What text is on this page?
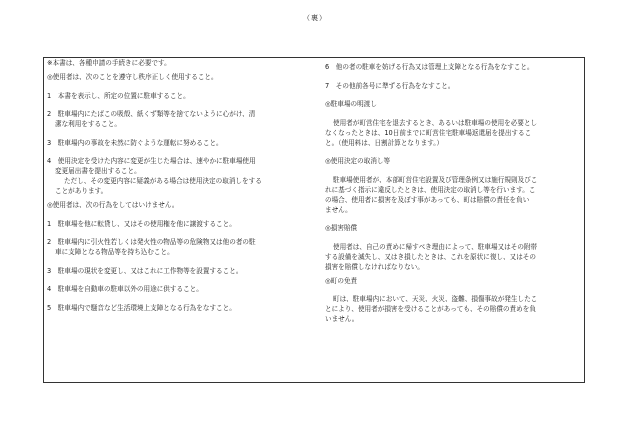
（裏）

※本書は、各種申請の手続きに必要です。

◎使用者は、次のことを遵守し秩序正しく使用すること。

1　本書を表示し、所定の位置に駐車すること。

2　駐車場内にたばこの吸殻、紙くず類等を捨てないように心がけ、清

潔な利用をすること。

3　駐車場内の事故を未然に防ぐような運転に努めること。

4　使用決定を受けた内容に変更が生じた場合は、速やかに駐車場使用

変更届出書を提出すること。

ただし、その変更内容に疑義がある場合は使用決定の取消しをする

ことがあります。

◎使用者は、次の行為をしてはいけません。

1　駐車場を他に転貸し、又はその使用権を他に譲渡すること。

2　駐車場内に引火性若しくは発火性の物品等の危険物又は他の者の駐

車に支障となる物品等を持ち込むこと。

3　駐車場の現状を変更し、又はこれに工作物等を設置すること。

4　駐車場を自動車の駐車以外の用途に供すること。

5　駐車場内で騒音など生活環境上支障となる行為をなすこと。

6　他の者の駐車を妨げる行為又は管理上支障となる行為をなすこと。

7　その他前各号に準ずる行為をなすこと。

◎駐車場の明渡し

使用者が町営住宅を退去するとき、あるいは駐車場の使用を必要とし

なくなったときは、10日前までに町営住宅駐車場返還届を提出するこ

と。（使用料は、日割計算となります。）

◎使用決定の取消し等

駐車場使用者が、本部町営住宅設置及び管理条例又は施行規則及びこ

れに基づく指示に違反したときは、使用決定の取消し等を行います。こ

の場合、使用者に損害を及ぼす事があっても、町は賠償の責任を負い

ません。

◎損害賠償

使用者は、自己の責めに帰すべき理由によって、駐車場又はその附帯

する設備を滅失し、又はき損したときは、これを原状に復し、又はその

損害を賠償しなければなりない。

◎町の免責

町は、駐車場内において、天災、火災、盗難、損傷事故が発生したこ

とにより、使用者が損害を受けることがあっても、その賠償の責めを負

いません。
